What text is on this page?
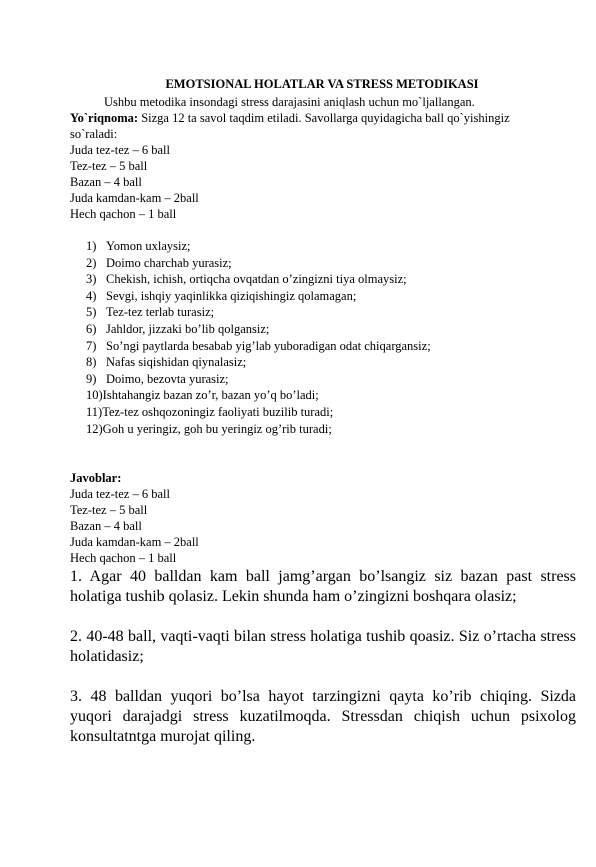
EMOTSIONAL HOLATLAR VA STRESS METODIKASI
Ushbu metodika insondagi stress darajasini aniqlash uchun mo`ljallangan.
Yo`riqnoma: Sizga 12 ta savol taqdim etiladi. Savollarga quyidagicha ball qo`yishingiz so`raladi:

Juda tez-tez – 6 ball

Tez-tez – 5 ball

Bazan – 4 ball

Juda kamdan-kam – 2ball

Hech qachon – 1 ball

1) Yomon uxlaysiz;
2) Doimo charchab yurasiz;
3) Chekish, ichish, ortiqcha ovqatdan o’zingizni tiya olmaysiz;
4) Sevgi, ishqiy yaqinlikka qiziqishingiz qolamagan;
5) Tez-tez terlab turasiz;
6) Jahldor, jizzaki bo’lib qolgansiz;
7) So’ngi paytlarda besabab yig’lab yuboradigan odat chiqargansiz;
8) Nafas siqishidan qiynalasiz;
9) Doimo, bezovta yurasiz;
10) Ishtahangiz bazan zo’r, bazan yo’q bo’ladi;
11) Tez-tez oshqozoningiz faoliyati buzilib turadi;
12) Goh u yeringiz, goh bu yeringiz og’rib turadi;
Javoblar:

Juda tez-tez – 6 ball

Tez-tez – 5 ball

Bazan – 4 ball

Juda kamdan-kam – 2ball

Hech qachon – 1 ball

1. Agar 40 balldan kam ball jamg’argan bo’lsangiz siz bazan past stress holatiga tushib qolasiz. Lekin shunda ham o’zingizni boshqara olasiz;

2. 40-48 ball, vaqti-vaqti bilan stress holatiga tushib qoasiz. Siz o’rtacha stress holatidasiz;

3. 48 balldan yuqori bo’lsa hayot tarzingizni qayta ko’rib chiqing. Sizda yuqori darajadgi stress kuzatilmoqda. Stressdan chiqish uchun psixolog konsultatntga murojat qiling.
